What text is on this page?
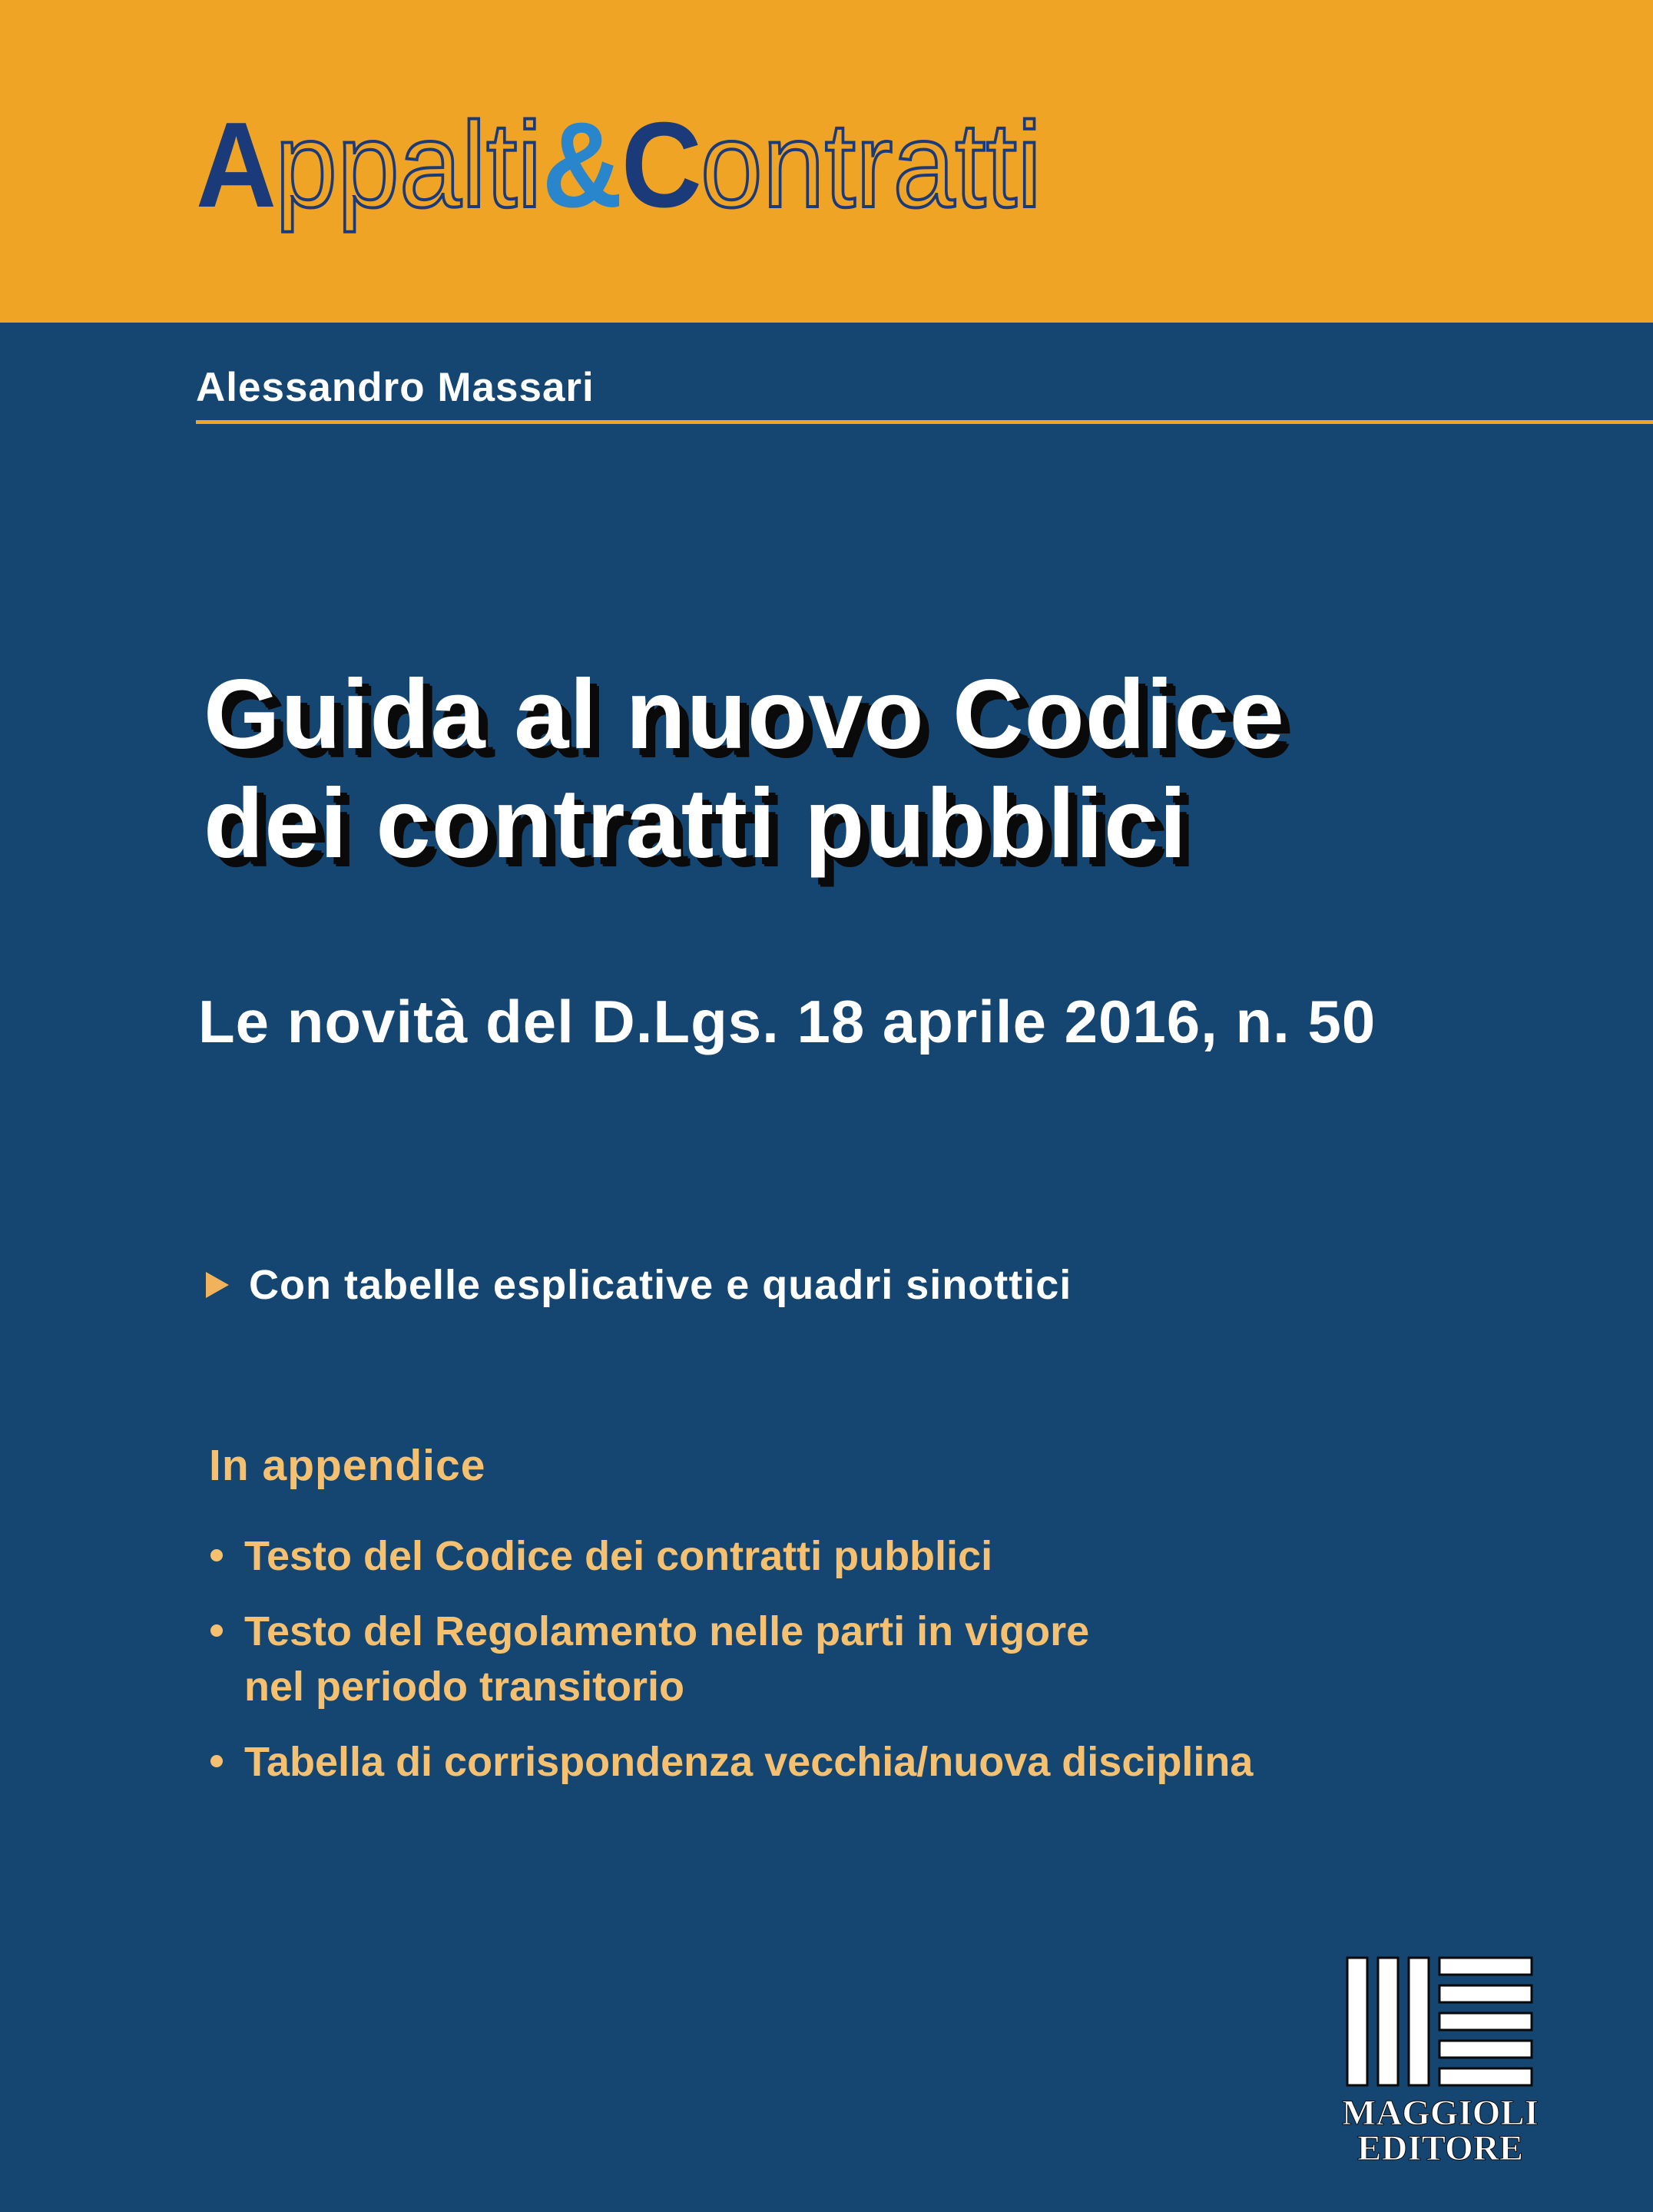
Appalti&Contratti
Alessandro Massari
Guida al nuovo Codice
dei contratti pubblici
Le novità del D.Lgs. 18 aprile 2016, n. 50
Con tabelle esplicative e quadri sinottici
In appendice
Testo del Codice dei contratti pubblici
Testo del Regolamento nelle parti in vigore
nel periodo transitorio
Tabella di corrispondenza vecchia/nuova disciplina
MAGGIOLI
EDITORE
